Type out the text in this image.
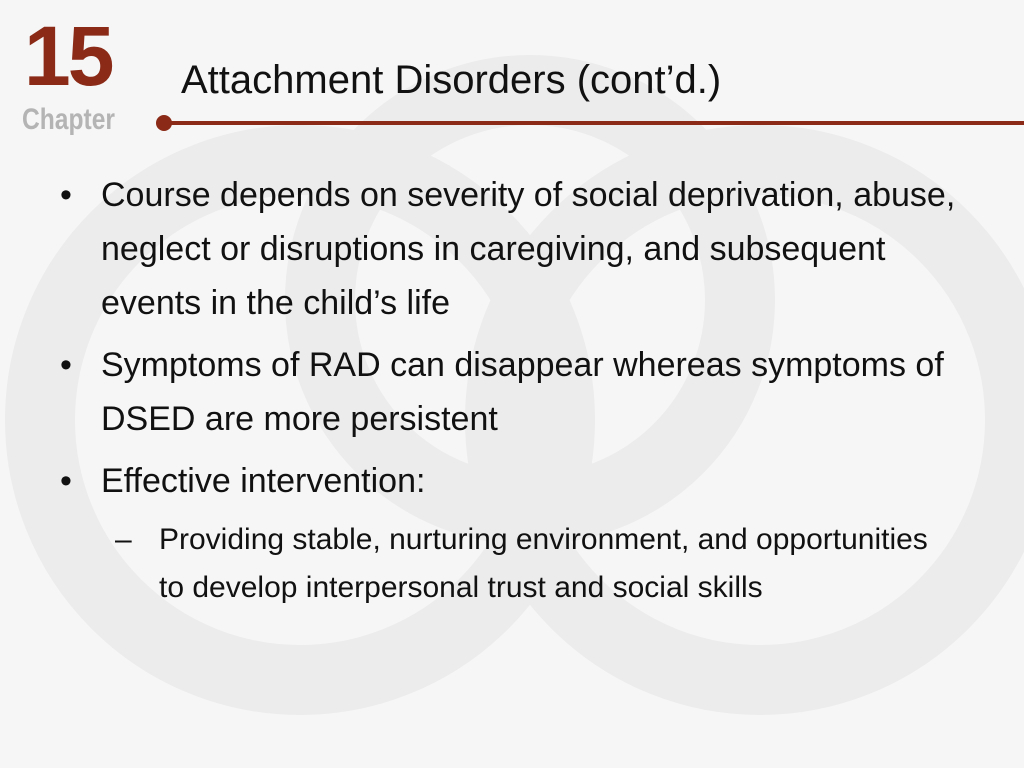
15
Chapter
Attachment Disorders (cont’d.)
• Course depends on severity of social deprivation, abuse, neglect or disruptions in caregiving, and subsequent events in the child’s life
• Symptoms of RAD can disappear whereas symptoms of DSED are more persistent
• Effective intervention:
– Providing stable, nurturing environment, and opportunities to develop interpersonal trust and social skills
